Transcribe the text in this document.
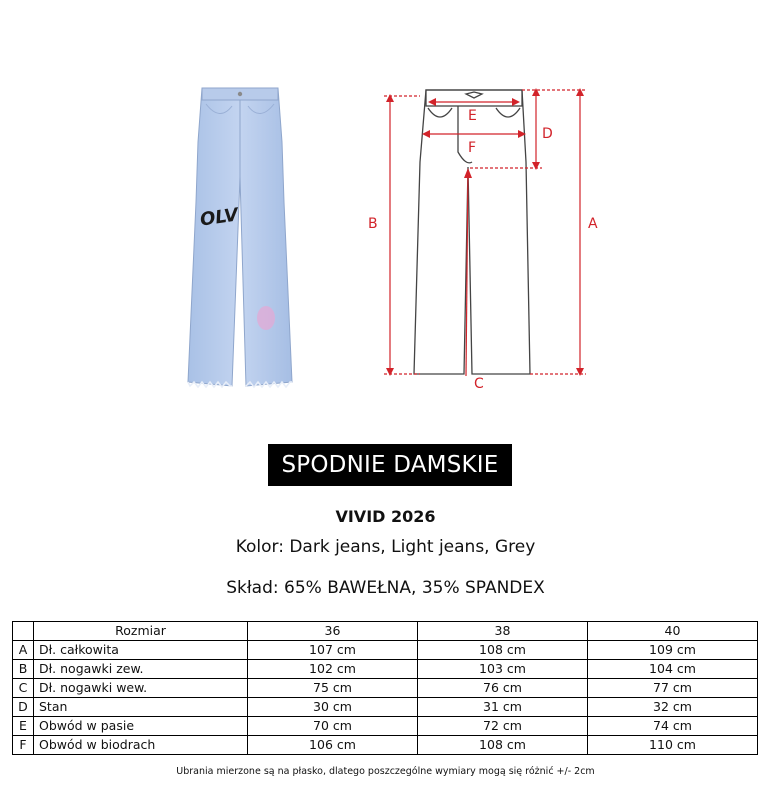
OLV	A
B
C
D
E
F
SPODNIE DAMSKIE
VIVID 2026
Kolor: Dark jeans, Light jeans, Grey
Skład: 65% BAWEŁNA, 35% SPANDEX
	Rozmiar	36	38	40
A	Dł. całkowita	107 cm	108 cm	109 cm
B	Dł. nogawki zew.	102 cm	103 cm	104 cm
C	Dł. nogawki wew.	75 cm	76 cm	77 cm
D	Stan	30 cm	31 cm	32 cm
E	Obwód w pasie	70 cm	72 cm	74 cm
F	Obwód w biodrach	106 cm	108 cm	110 cm
Ubrania mierzone są na płasko, dlatego poszczególne wymiary mogą się różnić +/- 2cm
